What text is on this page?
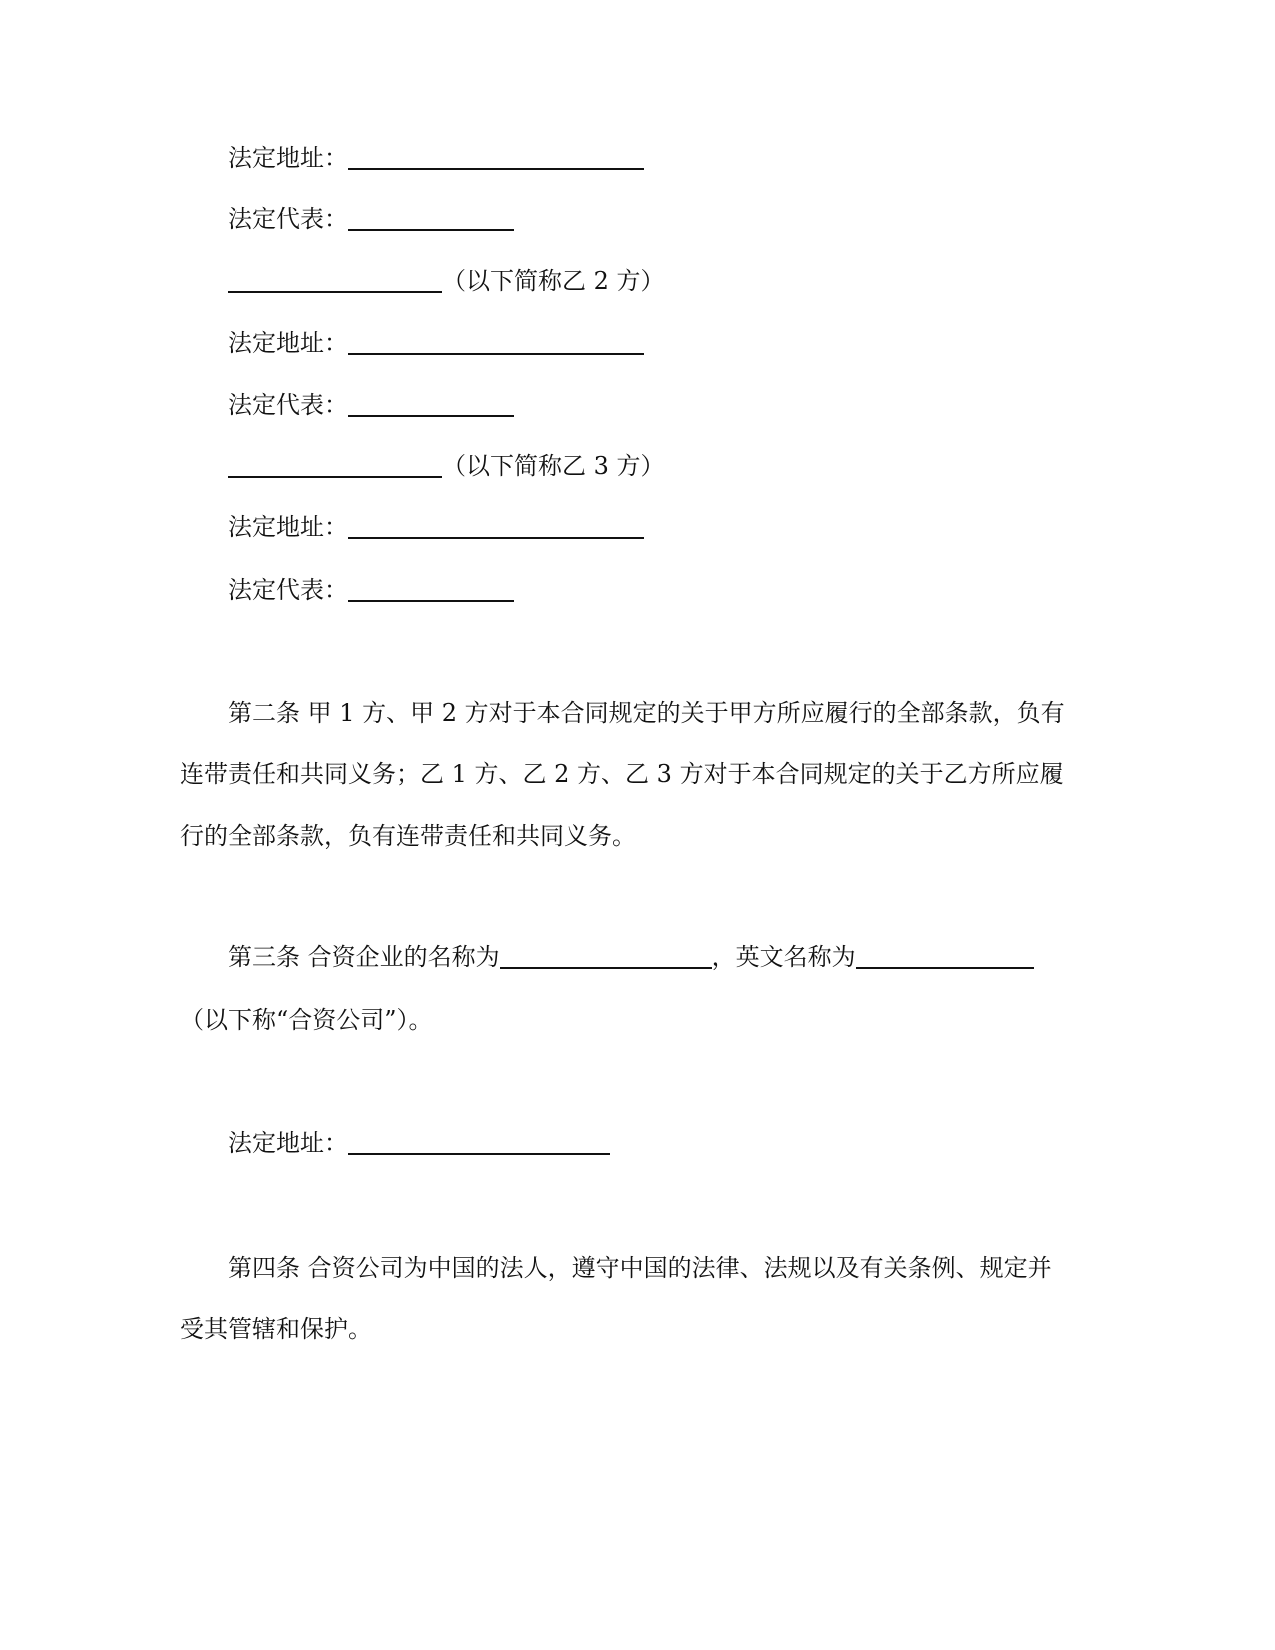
法定地址：
法定代表：
（以下简称乙 2 方）
法定地址：
法定代表：
（以下简称乙 3 方）
法定地址：
法定代表：
第二条 甲 1 方、甲 2 方对于本合同规定的关于甲方所应履行的全部条款，负有
连带责任和共同义务；乙 1 方、乙 2 方、乙 3 方对于本合同规定的关于乙方所应履
行的全部条款，负有连带责任和共同义务。
第三条 合资企业的名称为	，英文名称为
（以下称“合资公司”）。
法定地址：
第四条 合资公司为中国的法人，遵守中国的法律、法规以及有关条例、规定并
受其管辖和保护。
